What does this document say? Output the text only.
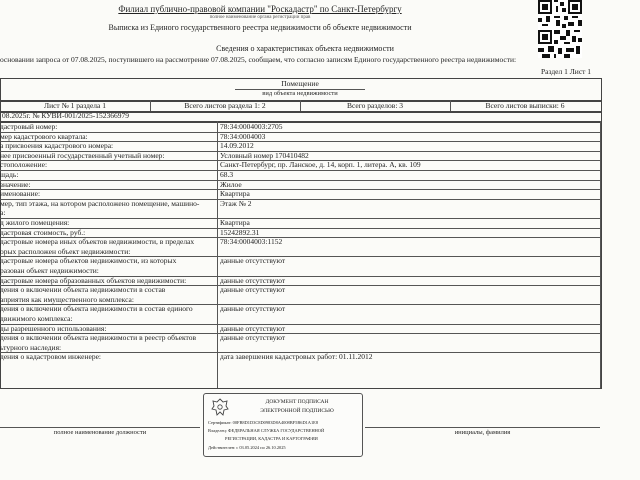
Филиал публично-правовой компании "Роскадастр" по Санкт-Петербургу
полное наименование органа регистрации прав
Выписка из Единого государственного реестра недвижимости об объекте недвижимости
Сведения о характеристиках объекта недвижимости
основании запроса от 07.08.2025, поступившего на рассмотрение 07.08.2025, сообщаем, что согласно записям Единого государственного реестра недвижимости:
Раздел 1 Лист 1
Помещение
вид объекта недвижимости
Лист № 1 раздела 1	Всего листов раздела 1: 2	Всего разделов: 3	Всего листов выписки: 6
08.2025г. № КУВИ-001/2025-152366979
дастровый номер:	78:34:0004003:2705
мер кадастрового квартала:	78:34:0004003
а присвоения кадастрового номера:	14.09.2012
нее присвоенный государственный учетный номер:	Условный номер 170410482
стоположение:	Санкт-Петербург, пр. Ланское, д. 14, корп. 1, литера. А, кв. 109
щадь:	68.3
значение:	Жилое
именование:	Квартира
мер, тип этажа, на котором расположено помещение, машино-	Этаж № 2
а:
д жилого помещения:	Квартира
дастровая стоимость, руб.:	15242892.31
дастровые номера иных объектов недвижимости, в пределах	78:34:0004003:1152
орых расположен объект недвижимости:
дастровые номера объектов недвижимости, из которых	данные отсутствуют
разован объект недвижимости:
дастровые номера образованных объектов недвижимости:	данные отсутствуют
дения о включении объекта недвижимости в состав	данные отсутствуют
априятия как имущественного комплекса:
дения о включении объекта недвижимости в состав единого	данные отсутствуют
движимого комплекса:
ды разрешенного использования:	данные отсутствуют
дения о включении объекта недвижимости в реестр объектов	данные отсутствуют
ьтурного наследия:
дения о кадастровом инженере:	дата завершения кадастровых работ: 01.11.2012
ДОКУМЕНТ ПОДПИСАН
ЭЛЕКТРОННОЙ ПОДПИСЬЮ
Сертификат: 00FB8D1D3C8D0983D8A4008BF5B6D1A1E8
Владелец: ФЕДЕРАЛЬНАЯ СЛУЖБА ГОСУДАРСТВЕННОЙ
РЕГИСТРАЦИИ, КАДАСТРА И КАРТОГРАФИИ
Действителен: с 03.05.2024 по 26.10.2025
полное наименование должности	инициалы, фамилия
